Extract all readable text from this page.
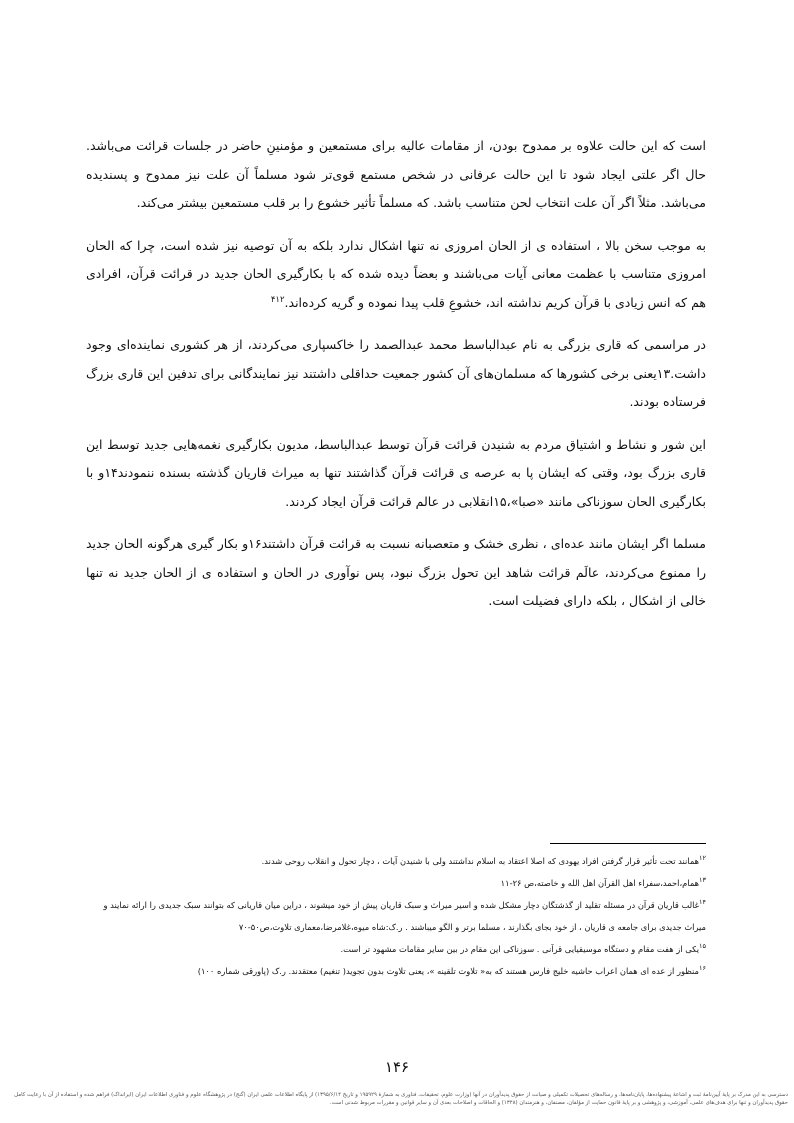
است که این حالت علاوه بر ممدوح بودن، از مقامات عالیه برای مستمعین و مؤمنینِ حاضر در جلسات قرائت می‌باشد. حال اگر علتی ایجاد شود تا این حالت عرفانی در شخص مستمع قوی‌تر شود مسلماً آن علت نیز ممدوح و پسندیده می‌باشد. مثلاً اگر آن علت انتخاب لحن متناسب باشد. که مسلماً تأثیر خشوع را بر قلب مستمعین بیشتر می‌کند.

به موجب سخن بالا ، استفاده ی از الحان امروزی نه تنها اشکال ندارد بلکه به آن توصیه نیز شده است، چرا که الحان امروزی متناسب با عظمت معانی آیات می‌باشند و بعضاً دیده شده که با بکارگیری الحان جدید در قرائت قرآن، افرادی هم که انس زیادی با قرآن کریم نداشته اند، خشوعِ قلب پیدا نموده و گریه کرده‌اند.$^{۴۱۲}$

در مراسمی که قاری بزرگی به نام عبدالباسط محمد عبدالصمد را خاکسپاری می‌کردند، از هر کشوری نماینده‌ای وجود داشت.۱۳یعنی برخی کشورها که مسلمان‌های آن کشور جمعیت حداقلی داشتند نیز نمایندگانی برای تدفین این قاری بزرگ فرستاده بودند.

این شور و نشاط و اشتیاق مردم به شنیدن قرائت قرآن توسط عبدالباسط، مدیون بکارگیری نغمه‌هایی جدید توسط این قاری بزرگ بود، وقتی که ایشان پا به عرصه ی قرائت قرآن گذاشتند تنها به میراث قاریان گذشته بسنده ننمودند۱۴و با بکارگیری الحان سوزناکی مانند «صبا»،۱۵انقلابی در عالم قرائت قرآن ایجاد کردند.

مسلما اگر ایشان مانند عده‌ای ، نظری خشک و متعصبانه نسبت به قرائت قرآن داشتند۱۶و بکار گیری هرگونه الحان جدید را ممنوع می‌کردند، عالَم قرائت شاهد این تحول بزرگ نبود، پس نوآوری در الحان و استفاده ی از الحان جدید نه تنها خالی از اشکال ، بلکه دارای فضیلت است.

$^{۱۲}$همانند تحت تأثیر قرار گرفتن افراد یهودی که اصلا اعتقاد به اسلام نداشتند ولی با شنیدن آیات ، دچار تحول و انقلاب روحی شدند.

$^{۱۳}$همام،احمد،سفراء اهل القرآن اهل الله و خاصته،ص ۲۶-۱۱

$^{۱۴}$غالب قاریان قرآن در مسئله تقلید از گذشتگان دچار مشکل شده و اسیر میراث و سبک قاریان پیش از خود میشوند ، دراین میان قاریانی که بتوانند سبک جدیدی را ارائه نمایند و میراث جدیدی برای جامعه ی قاریان ، از خود بجای بگذارند ، مسلما برتر و الگو میباشند . ر.ک:شاه میوه،غلامرضا،معماری تلاوت،ص۵۰-۷۰

$^{۱۵}$یکی از هفت مقام و دستگاه موسیقیایی قرآنی . سوزناکی این مقام در بین سایر مقامات مشهود تر است.

$^{۱۶}$منظور از عده ای همان اعراب حاشیه خلیج فارس هستند که به« تلاوت تلقینه »، یعنی تلاوت بدون تجوید( تنغیم) معتقدند. ر.ک (پاورقی شماره ۱۰۰)

۱۴۶
دسترسی به این مدرک بر پایهٔ آیین‌نامهٔ ثبت و اشاعهٔ پیشنهاده‌ها، پایان‌نامه‌ها، و رساله‌های تحصیلات تکمیلی و صیانت از حقوق پدیدآوران در آنها (وزارت علوم، تحقیقات، فناوری به شمارهٔ ۱۹۵۹۲۹ و تاریخ ۱۳۹۵/۶/۱۴) از پایگاه اطلاعات علمی ایران (گنج) در پژوهشگاه علوم و فناوری اطلاعات ایران (ایرانداک) فراهم شده و استفاده از آن با رعایت کامل حقوق پدیدآوران و تنها برای هدف‌های علمی، آموزشی، و پژوهشی و بر پایهٔ قانون حمایت از مؤلفان، مصنفان، و هنرمندان (۱۳۴۸) و الحاقات و اصلاحات بعدی آن و سایر قوانین و مقررات مربوط شدنی است.
